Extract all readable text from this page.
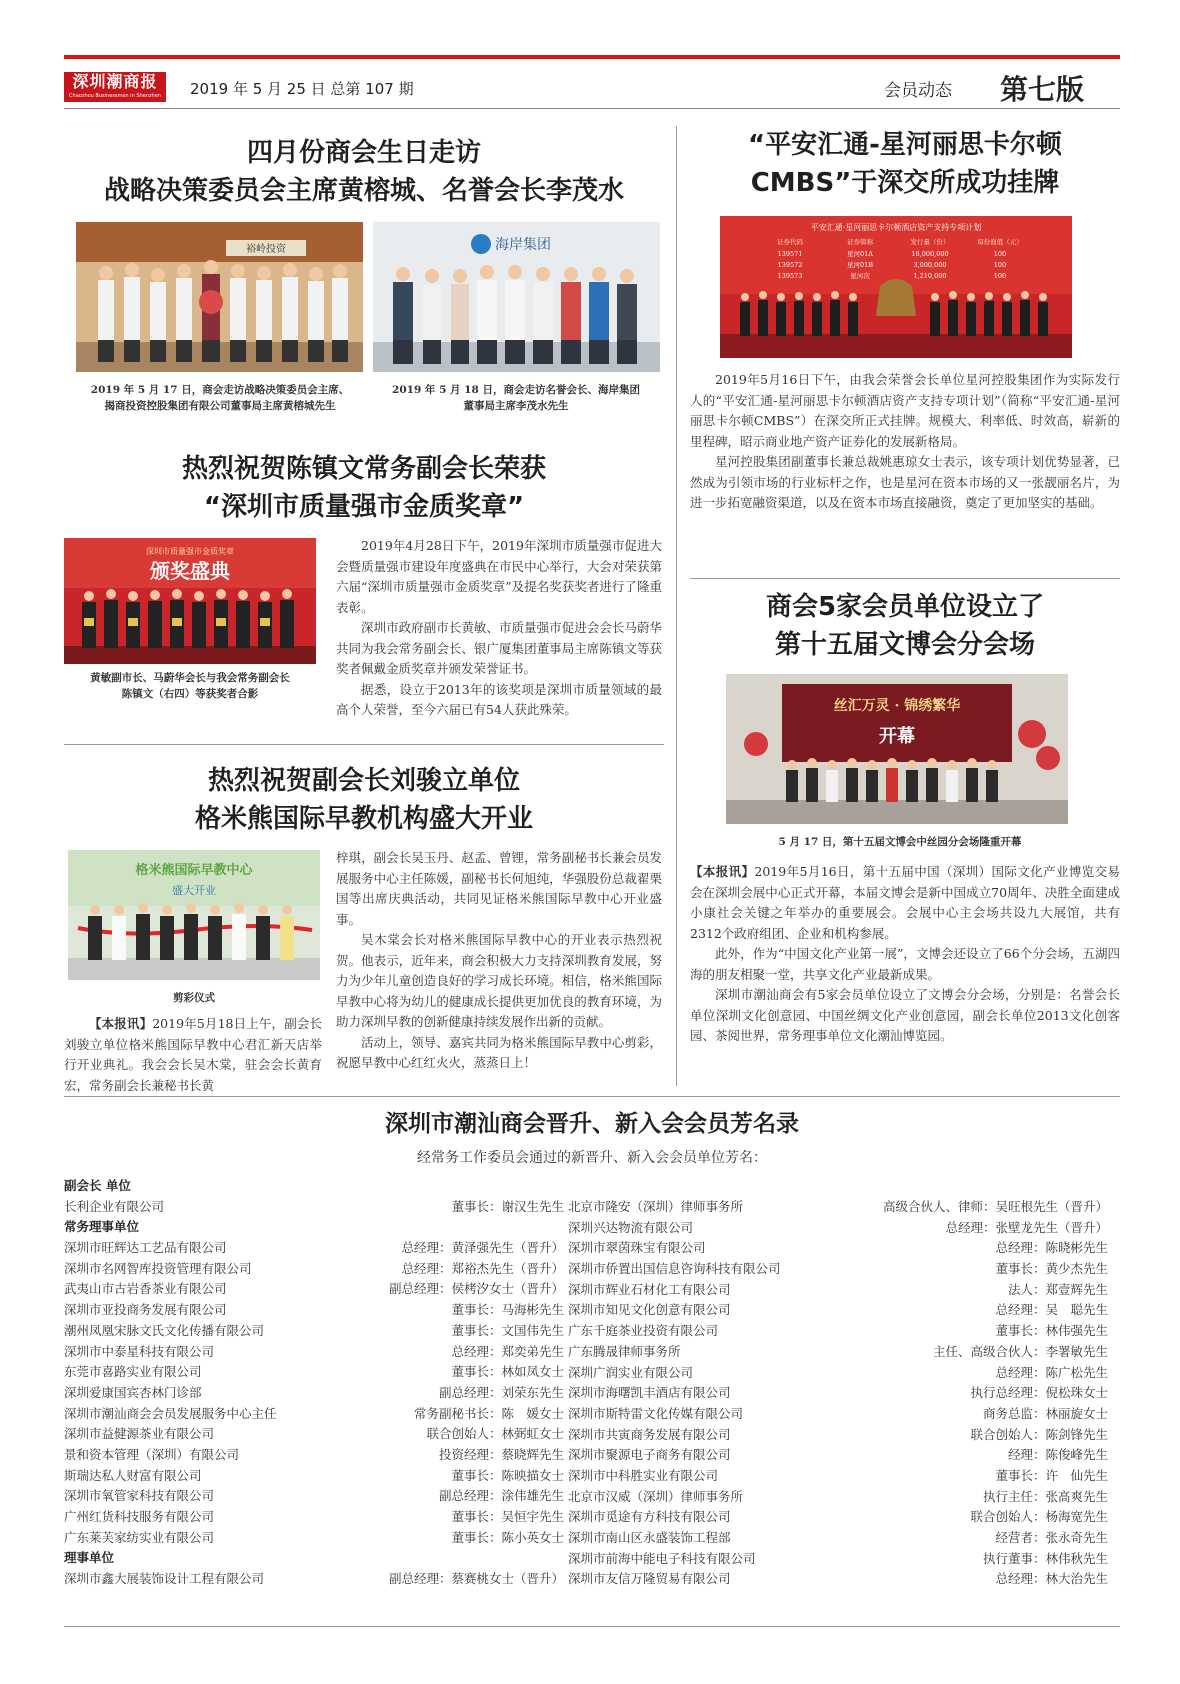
深圳潮商报
Chaozhou Businessmen in Shenzhen	2019 年 5 月 25 日 总第 107 期	会员动态 第七版
四月份商会生日走访
战略决策委员会主席黄榕城、名誉会长李茂水
裕岭投资	海岸集团
2019 年 5 月 17 日，商会走访战略决策委员会主席、
揭商投资控股集团有限公司董事局主席黄榕城先生
2019 年 5 月 18 日，商会走访名誉会长、海岸集团
董事局主席李茂水先生
热烈祝贺陈镇文常务副会长荣获
“深圳市质量强市金质奖章”
深圳市质量强市金质奖章
颁奖盛典
黄敏副市长、马蔚华会长与我会常务副会长
陈镇文（右四）等获奖者合影

2019年4月28日下午，2019年深圳市质量强市促进大会暨质量强市建设年度盛典在市民中心举行，大会对荣获第六届“深圳市质量强市金质奖章”及提名奖获奖者进行了隆重表彰。

深圳市政府副市长黄敏、市质量强市促进会会长马蔚华共同为我会常务副会长、银广厦集团董事局主席陈镇文等获奖者佩戴金质奖章并颁发荣誉证书。

据悉，设立于2013年的该奖项是深圳市质量领域的最高个人荣誉，至今六届已有54人获此殊荣。

热烈祝贺副会长刘骏立单位
格米熊国际早教机构盛大开业
格米熊国际早教中心
盛大开业
剪彩仪式

【本报讯】2019年5月18日上午，副会长刘骏立单位格米熊国际早教中心君汇新天店举行开业典礼。我会会长吴木棠，驻会会长黄育宏，常务副会长兼秘书长黄

梓琪，副会长吴玉丹、赵孟、曾锂，常务副秘书长兼会员发展服务中心主任陈媛，副秘书长何旭纯，华强股份总裁翟栗国等出席庆典活动，共同见证格米熊国际早教中心开业盛事。

吴木棠会长对格米熊国际早教中心的开业表示热烈祝贺。他表示，近年来，商会积极大力支持深圳教育发展，努力为少年儿童创造良好的学习成长环境。相信，格米熊国际早教中心将为幼儿的健康成长提供更加优良的教育环境，为助力深圳早教的创新健康持续发展作出新的贡献。

活动上，领导、嘉宾共同为格米熊国际早教中心剪彩，祝愿早教中心红红火火，蒸蒸日上！

“平安汇通-星河丽思卡尔顿
CMBS”于深交所成功挂牌
平安汇通·星河丽思卡尔顿酒店资产支持专项计划
证券代码	证券简称	发行量（份）	每份面值（元）
139571	星河01A	18,000,000	100
139572	星河01B	3,000,000	100
139573	星河次	1,210,000	100

2019年5月16日下午，由我会荣誉会长单位星河控股集团作为实际发行人的“平安汇通-星河丽思卡尔顿酒店资产支持专项计划”（简称“平安汇通-星河丽思卡尔顿CMBS”）在深交所正式挂牌。规模大、利率低、时效高，崭新的里程碑，昭示商业地产资产证券化的发展新格局。

星河控股集团副董事长兼总裁姚惠琼女士表示，该专项计划优势显著，已然成为引领市场的行业标杆之作，也是星河在资本市场的又一张靓丽名片，为进一步拓宽融资渠道，以及在资本市场直接融资，奠定了更加坚实的基础。

商会5家会员单位设立了
第十五届文博会分会场
丝汇万灵 · 锦绣繁华
开幕
5 月 17 日，第十五届文博会中丝园分会场隆重开幕

【本报讯】2019年5月16日，第十五届中国（深圳）国际文化产业博览交易会在深圳会展中心正式开幕，本届文博会是新中国成立70周年、决胜全面建成小康社会关键之年举办的重要展会。会展中心主会场共设九大展馆，共有2312个政府组团、企业和机构参展。

此外，作为“中国文化产业第一展”，文博会还设立了66个分会场，五湖四海的朋友相聚一堂，共享文化产业最新成果。

深圳市潮汕商会有5家会员单位设立了文博会分会场，分别是：名誉会长单位深圳文化创意园、中国丝绸文化产业创意园，副会长单位2013文化创客园、茶阅世界，常务理事单位文化潮汕博览园。

深圳市潮汕商会晋升、新入会会员芳名录
经常务工作委员会通过的新晋升、新入会会员单位芳名：
副会长 单位
长利企业有限公司	董事长：谢汉生先生
常务理事单位
深圳市旺辉达工艺品有限公司	总经理：黄泽强先生（晋升）
深圳市名网智库投资管理有限公司	总经理：郑裕杰先生（晋升）
武夷山市古岩香茶业有限公司	副总经理：侯栲汐女士（晋升）
深圳市亚投商务发展有限公司	董事长：马海彬先生
潮州凤凰宋脉文氏文化传播有限公司	董事长：文国伟先生
深圳市中泰星科技有限公司	总经理：郑奕弟先生
东莞市喜路实业有限公司	董事长：林如凤女士
深圳爱康国宾杏林门诊部	副总经理：刘荣东先生
深圳市潮汕商会会员发展服务中心主任	常务副秘书长：陈　媛女士
深圳市益健源茶业有限公司	联合创始人：林弼虹女士
景和资本管理（深圳）有限公司	投资经理：蔡晓辉先生
斯瑞达私人财富有限公司	董事长：陈映描女士
深圳市氧管家科技有限公司	副总经理：涂伟雄先生
广州红货科技服务有限公司	董事长：吴恒宇先生
广东莱芙家纺实业有限公司	董事长：陈小英女士
理事单位
深圳市鑫大展装饰设计工程有限公司	副总经理：蔡赛桃女士（晋升）
北京市隆安（深圳）律师事务所	高级合伙人、律师：吴旺根先生（晋升）
深圳兴达物流有限公司	总经理：张壁龙先生（晋升）
深圳市翠茵珠宝有限公司	总经理：陈晓彬先生
深圳市侨置出国信息咨询科技有限公司	董事长：黄少杰先生
深圳市辉业石材化工有限公司	法人：郑壹辉先生
深圳市知见文化创意有限公司	总经理：吴　聪先生
广东千庭茶业投资有限公司	董事长：林伟强先生
广东腾晟律师事务所	主任、高级合伙人：李署敏先生
深圳广润实业有限公司	总经理：陈广松先生
深圳市海曙凯丰酒店有限公司	执行总经理：倪松珠女士
深圳市斯特雷文化传媒有限公司	商务总监：林丽旋女士
深圳市共寅商务发展有限公司	联合创始人：陈剑锋先生
深圳市聚源电子商务有限公司	经理：陈俊峰先生
深圳市中科胜实业有限公司	董事长：许　仙先生
北京市汉威（深圳）律师事务所	执行主任：张高爽先生
深圳市觅途有方科技有限公司	联合创始人：杨海宽先生
深圳市南山区永盛装饰工程部	经营者：张永奇先生
深圳市前海中能电子科技有限公司	执行董事：林伟秋先生
深圳市友信万隆贸易有限公司	总经理：林大治先生
